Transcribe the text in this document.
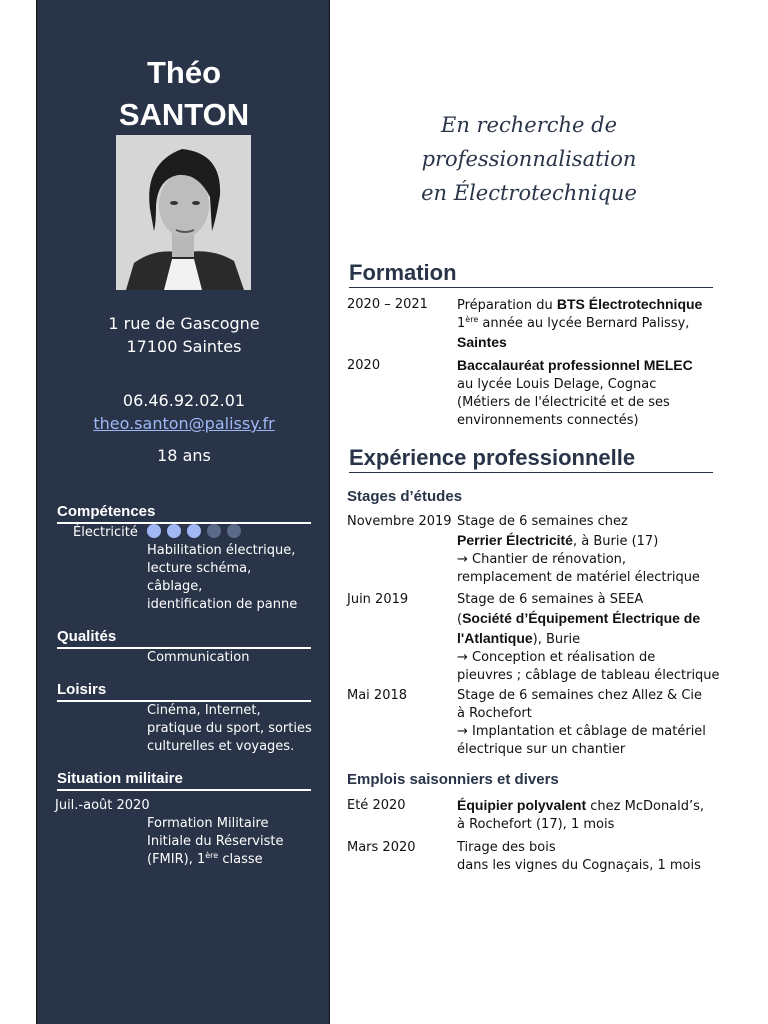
Théo
SANTON
1 rue de Gascogne
17100 Saintes
06.46.92.02.01
theo.santon@palissy.fr
18 ans
Compétences
Électricité
Habilitation électrique,
lecture schéma,
câblage,
identification de panne
Qualités
Communication
Loisirs
Cinéma, Internet,
pratique du sport, sorties
culturelles et voyages.
Situation militaire
Juil.-août 2020
Formation Militaire
Initiale du Réserviste
(FMIR), 1ère classe
En recherche de
professionnalisation
en Électrotechnique
Formation
2020 – 2021 Préparation du BTS Électrotechnique
1ère année au lycée Bernard Palissy,
Saintes
2020	Baccalauréat professionnel MELEC
au lycée Louis Delage, Cognac
(Métiers de l'électricité et de ses
environnements connectés)
Expérience professionnelle
Stages d’études
Novembre 2019 Stage de 6 semaines chez
Perrier Électricité, à Burie (17)
→ Chantier de rénovation,
remplacement de matériel électrique
Juin 2019	Stage de 6 semaines à SEEA
(Société d’Équipement Électrique de
l'Atlantique), Burie
→ Conception et réalisation de
pieuvres ; câblage de tableau électrique
Mai 2018	Stage de 6 semaines chez Allez & Cie
à Rochefort
→ Implantation et câblage de matériel
électrique sur un chantier
Emplois saisonniers et divers
Eté 2020	Équipier polyvalent chez McDonald’s,
à Rochefort (17), 1 mois
Mars 2020	Tirage des bois
dans les vignes du Cognaçais, 1 mois
